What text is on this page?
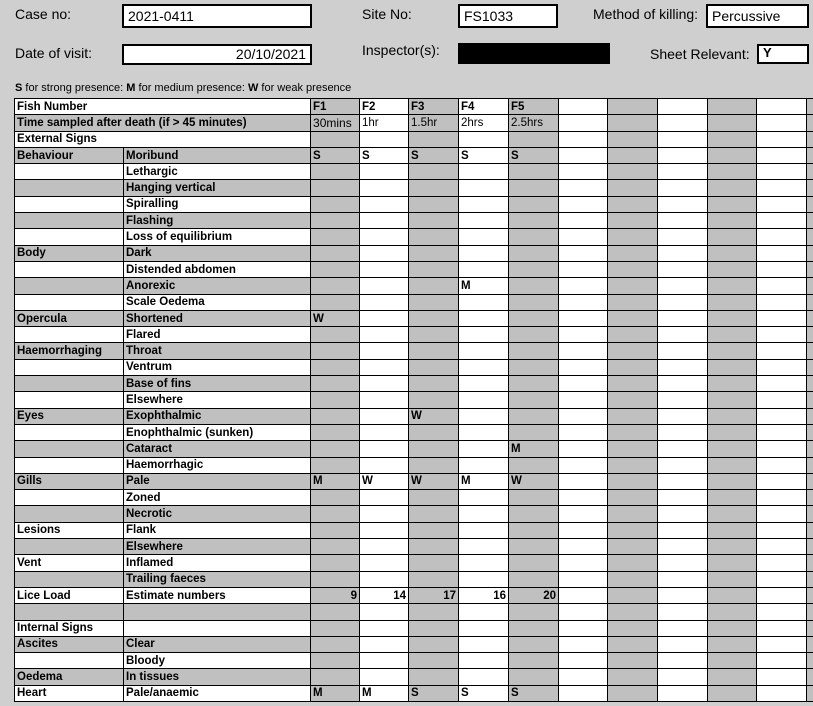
Case no:	2021-0411	Site No:	FS1033	Method of killing: Percussive
Date of visit:	20/10/2021	Inspector(s):	Sheet Relevant:	Y
S for strong presence: M for medium presence: W for weak presence
Fish Number		F1	F2	F3	F4	F5						
Time sampled after death (if > 45 minutes)		30mins	1hr	1.5hr	2hrs	2.5hrs						
External Signs												
Behaviour	Moribund	S	S	S	S	S						
	Lethargic											
	Hanging vertical											
	Spiralling											
	Flashing											
	Loss of equilibrium											
Body	Dark											
	Distended abdomen											
	Anorexic				M							
	Scale Oedema											
Opercula	Shortened	W										
	Flared											
Haemorrhaging	Throat											
	Ventrum											
	Base of fins											
	Elsewhere											
Eyes	Exophthalmic			W								
	Enophthalmic (sunken)											
	Cataract					M						
	Haemorrhagic											
Gills	Pale	M	W	W	M	W						
	Zoned											
	Necrotic											
Lesions	Flank											
	Elsewhere											
Vent	Inflamed											
	Trailing faeces											
Lice Load	Estimate numbers	9	14	17	16	20						

Internal Signs												
Ascites	Clear											
	Bloody											
Oedema	In tissues											
Heart	Pale/anaemic	M	M	S	S	S						
